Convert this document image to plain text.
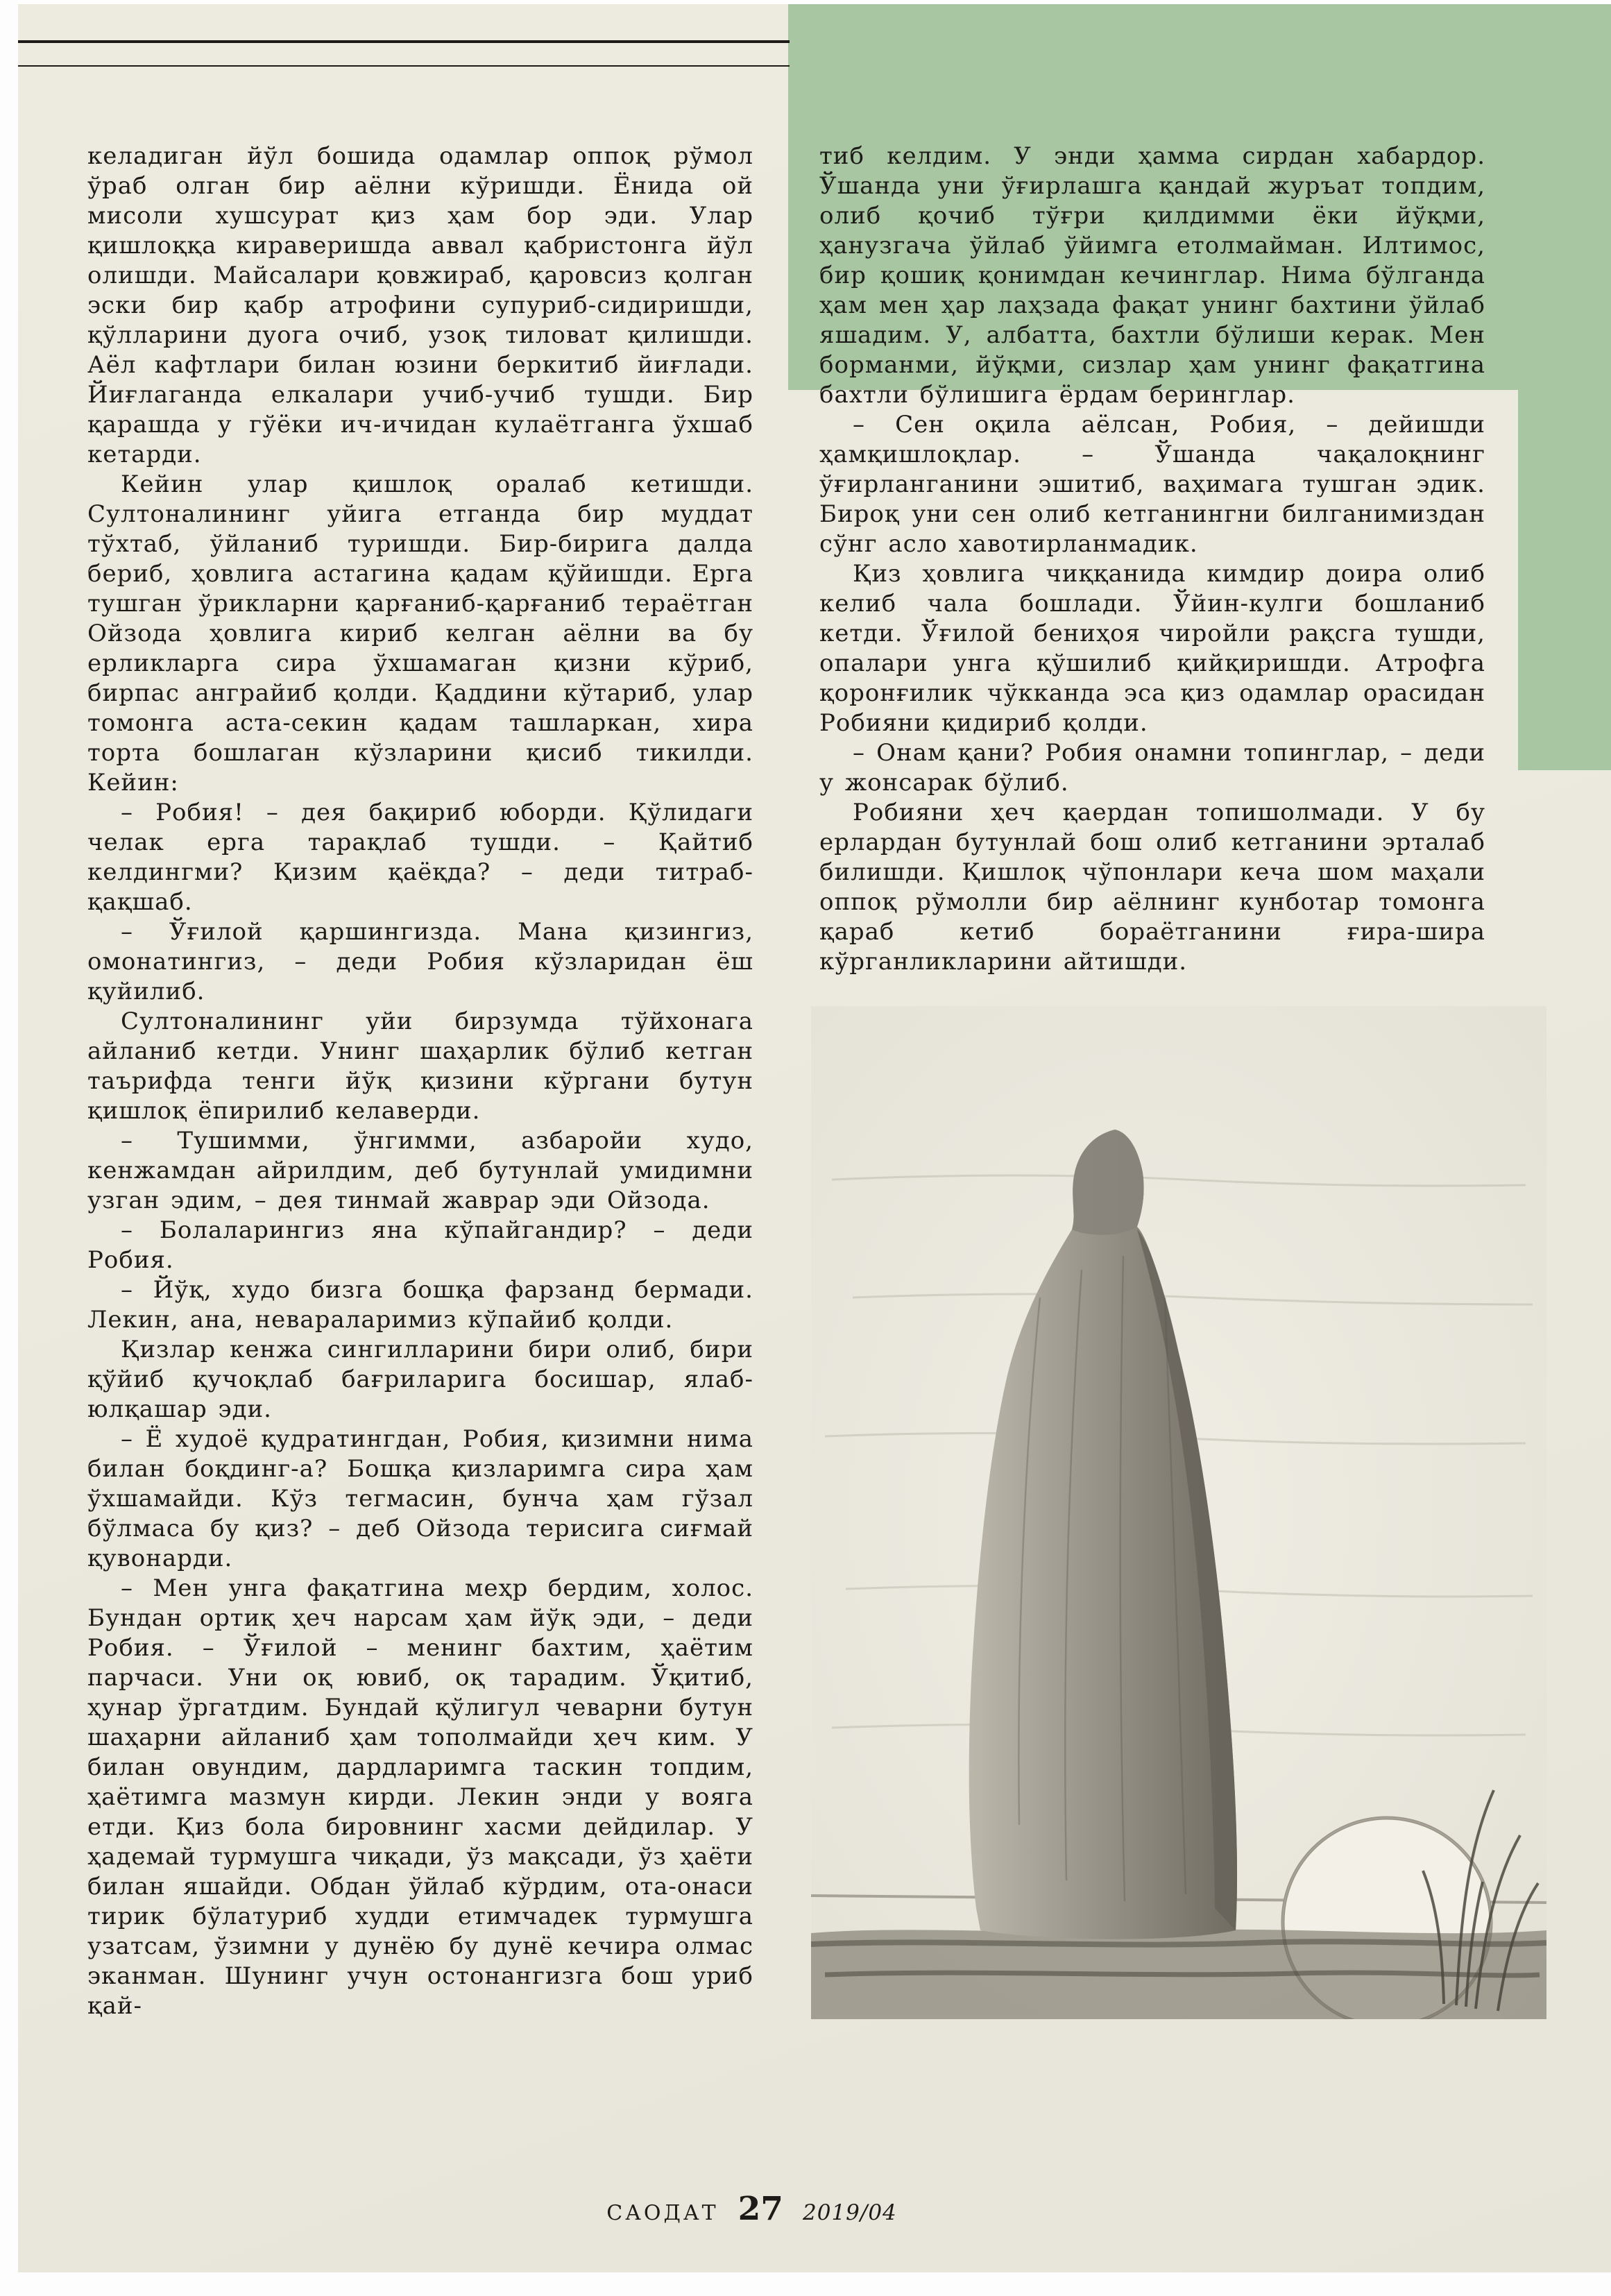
келадиган йўл бошида одамлар оппоқ рўмол ўраб олган бир аёлни кўришди. Ёнида ой мисоли хушсурат қиз ҳам бор эди. Улар қишлоққа кираверишда аввал қабристонга йўл олишди. Майсалари қовжираб, қаровсиз қолган эски бир қабр атрофини супуриб-сидиришди, қўлларини дуога очиб, узоқ тиловат қилишди. Аёл кафтлари билан юзини беркитиб йиғлади. Йиғлаганда елкалари учиб-учиб тушди. Бир қарашда у гўёки ич-ичидан кулаётганга ўхшаб кетарди.

Кейин улар қишлоқ оралаб кетишди. Султоналининг уйига етганда бир муддат тўхтаб, ўйланиб туришди. Бир-бирига далда бериб, ҳовлига астагина қадам қўйишди. Ерга тушган ўрикларни қарғаниб-қарғаниб тераётган Ойзода ҳовлига кириб келган аёлни ва бу ерликларга сира ўхшамаган қизни кўриб, бирпас анграйиб қолди. Қаддини кўтариб, улар томонга аста-секин қадам ташларкан, хира торта бошлаган кўзларини қисиб тикилди. Кейин:

– Робия! – дея бақириб юборди. Қўлидаги челак ерга тарақлаб тушди. – Қайтиб келдингми? Қизим қаёқда? – деди титраб-қақшаб.

– Ўғилой қаршингизда. Мана қизингиз, омонатингиз, – деди Робия кўзларидан ёш қуйилиб.

Султоналининг уйи бирзумда тўйхонага айланиб кетди. Унинг шаҳарлик бўлиб кетган таърифда тенги йўқ қизини кўргани бутун қишлоқ ёпирилиб келаверди.

– Тушимми, ўнгимми, азбаройи худо, кенжамдан айрилдим, деб бутунлай умидимни узган эдим, – дея тинмай жаврар эди Ойзода.

– Болаларингиз яна кўпайгандир? – деди Робия.

– Йўқ, худо бизга бошқа фарзанд бермади. Лекин, ана, невараларимиз кўпайиб қолди.

Қизлар кенжа сингилларини бири олиб, бири қўйиб қучоқлаб бағриларига босишар, ялаб-юлқашар эди.

– Ё худоё қудратингдан, Робия, қизимни нима билан боқдинг-а? Бошқа қизларимга сира ҳам ўхшамайди. Кўз тегмасин, бунча ҳам гўзал бўлмаса бу қиз? – деб Ойзода терисига сиғмай қувонарди.

– Мен унга фақатгина меҳр бердим, холос. Бундан ортиқ ҳеч нарсам ҳам йўқ эди, – деди Робия. – Ўғилой – менинг бахтим, ҳаётим парчаси. Уни оқ ювиб, оқ тарадим. Ўқитиб, ҳунар ўргатдим. Бундай қўлигул чеварни бутун шаҳарни айланиб ҳам тополмайди ҳеч ким. У билан овундим, дардларимга таскин топдим, ҳаётимга мазмун кирди. Лекин энди у вояга етди. Қиз бола бировнинг хасми дейдилар. У ҳадемай турмушга чиқади, ўз мақсади, ўз ҳаёти билан яшайди. Обдан ўйлаб кўрдим, ота-онаси тирик бўлатуриб худди етимчадек турмушга узатсам, ўзимни у дунёю бу дунё кечира олмас эканман. Шунинг учун остонангизга бош уриб қай-

тиб келдим. У энди ҳамма сирдан хабардор. Ўшанда уни ўғирлашга қандай журъат топдим, олиб қочиб тўғри қилдимми ёки йўқми, ҳанузгача ўйлаб ўйимга етолмайман. Илтимос, бир қошиқ қонимдан кечинглар. Нима бўлганда ҳам мен ҳар лаҳзада фақат унинг бахтини ўйлаб яшадим. У, албатта, бахтли бўлиши керак. Мен борманми, йўқми, сизлар ҳам унинг фақатгина бахтли бўлишига ёрдам беринглар.

– Сен оқила аёлсан, Робия, – дейишди ҳамқишлоқлар. – Ўшанда чақалоқнинг ўғирланганини эшитиб, ваҳимага тушган эдик. Бироқ уни сен олиб кетганингни билганимиздан сўнг асло хавотирланмадик.

Қиз ҳовлига чиққанида кимдир доира олиб келиб чала бошлади. Ўйин-кулги бошланиб кетди. Ўғилой бениҳоя чиройли рақсга тушди, опалари унга қўшилиб қийқиришди. Атрофга қоронғилик чўкканда эса қиз одамлар орасидан Робияни қидириб қолди.

– Онам қани? Робия онамни топинглар, – деди у жонсарак бўлиб.

Робияни ҳеч қаердан топишолмади. У бу ерлардан бутунлай бош олиб кетганини эрталаб билишди. Қишлоқ чўпонлари кеча шом маҳали оппоқ рўмолли бир аёлнинг кунботар томонга қараб кетиб бораётганини ғира-шира кўрганликларини айтишди.

САОДАТ 27 2019/04
